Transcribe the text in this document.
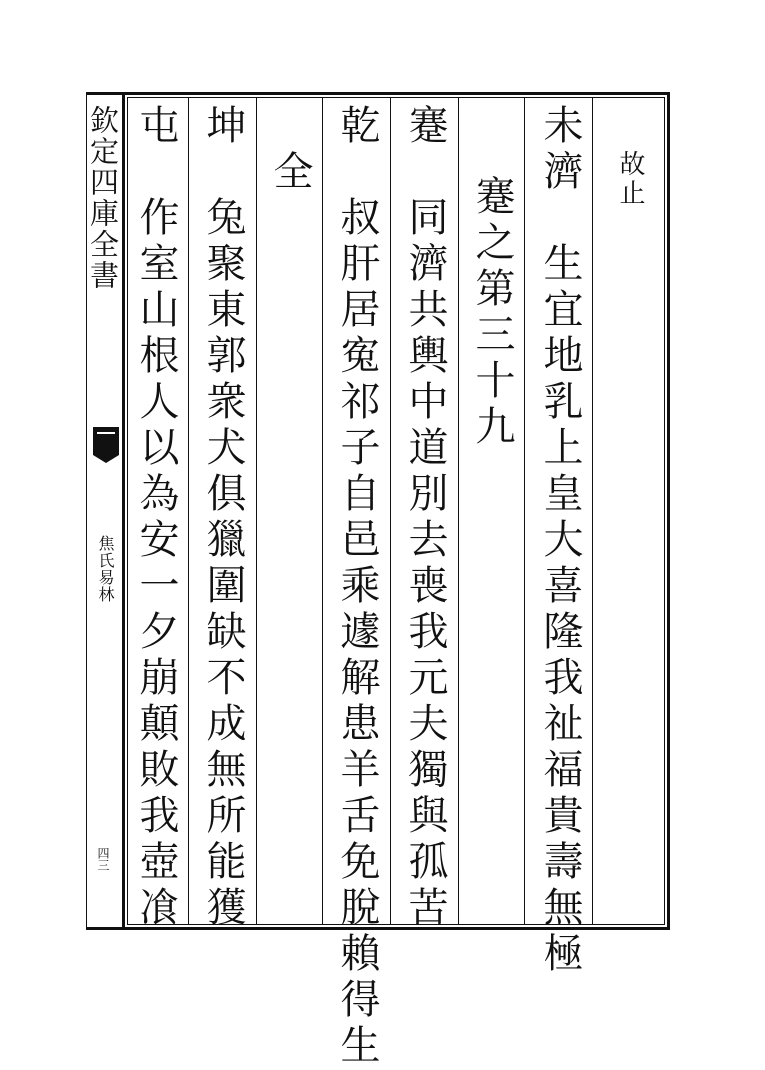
欽定四庫全書
焦氏易林
四三
故止
未濟　生宜地乳上皇大喜隆我祉福貴壽無極
蹇之第三十九
蹇　同濟共輿中道別去喪我元夫獨與孤苦
乾　叔肝居寃祁子自邑乘遽解患羊舌免脫賴得生
坤　兔聚東郭衆犬俱獵圍缺不成無所能獲
屯　作室山根人以為安一夕崩顛敗我壺飡 全
